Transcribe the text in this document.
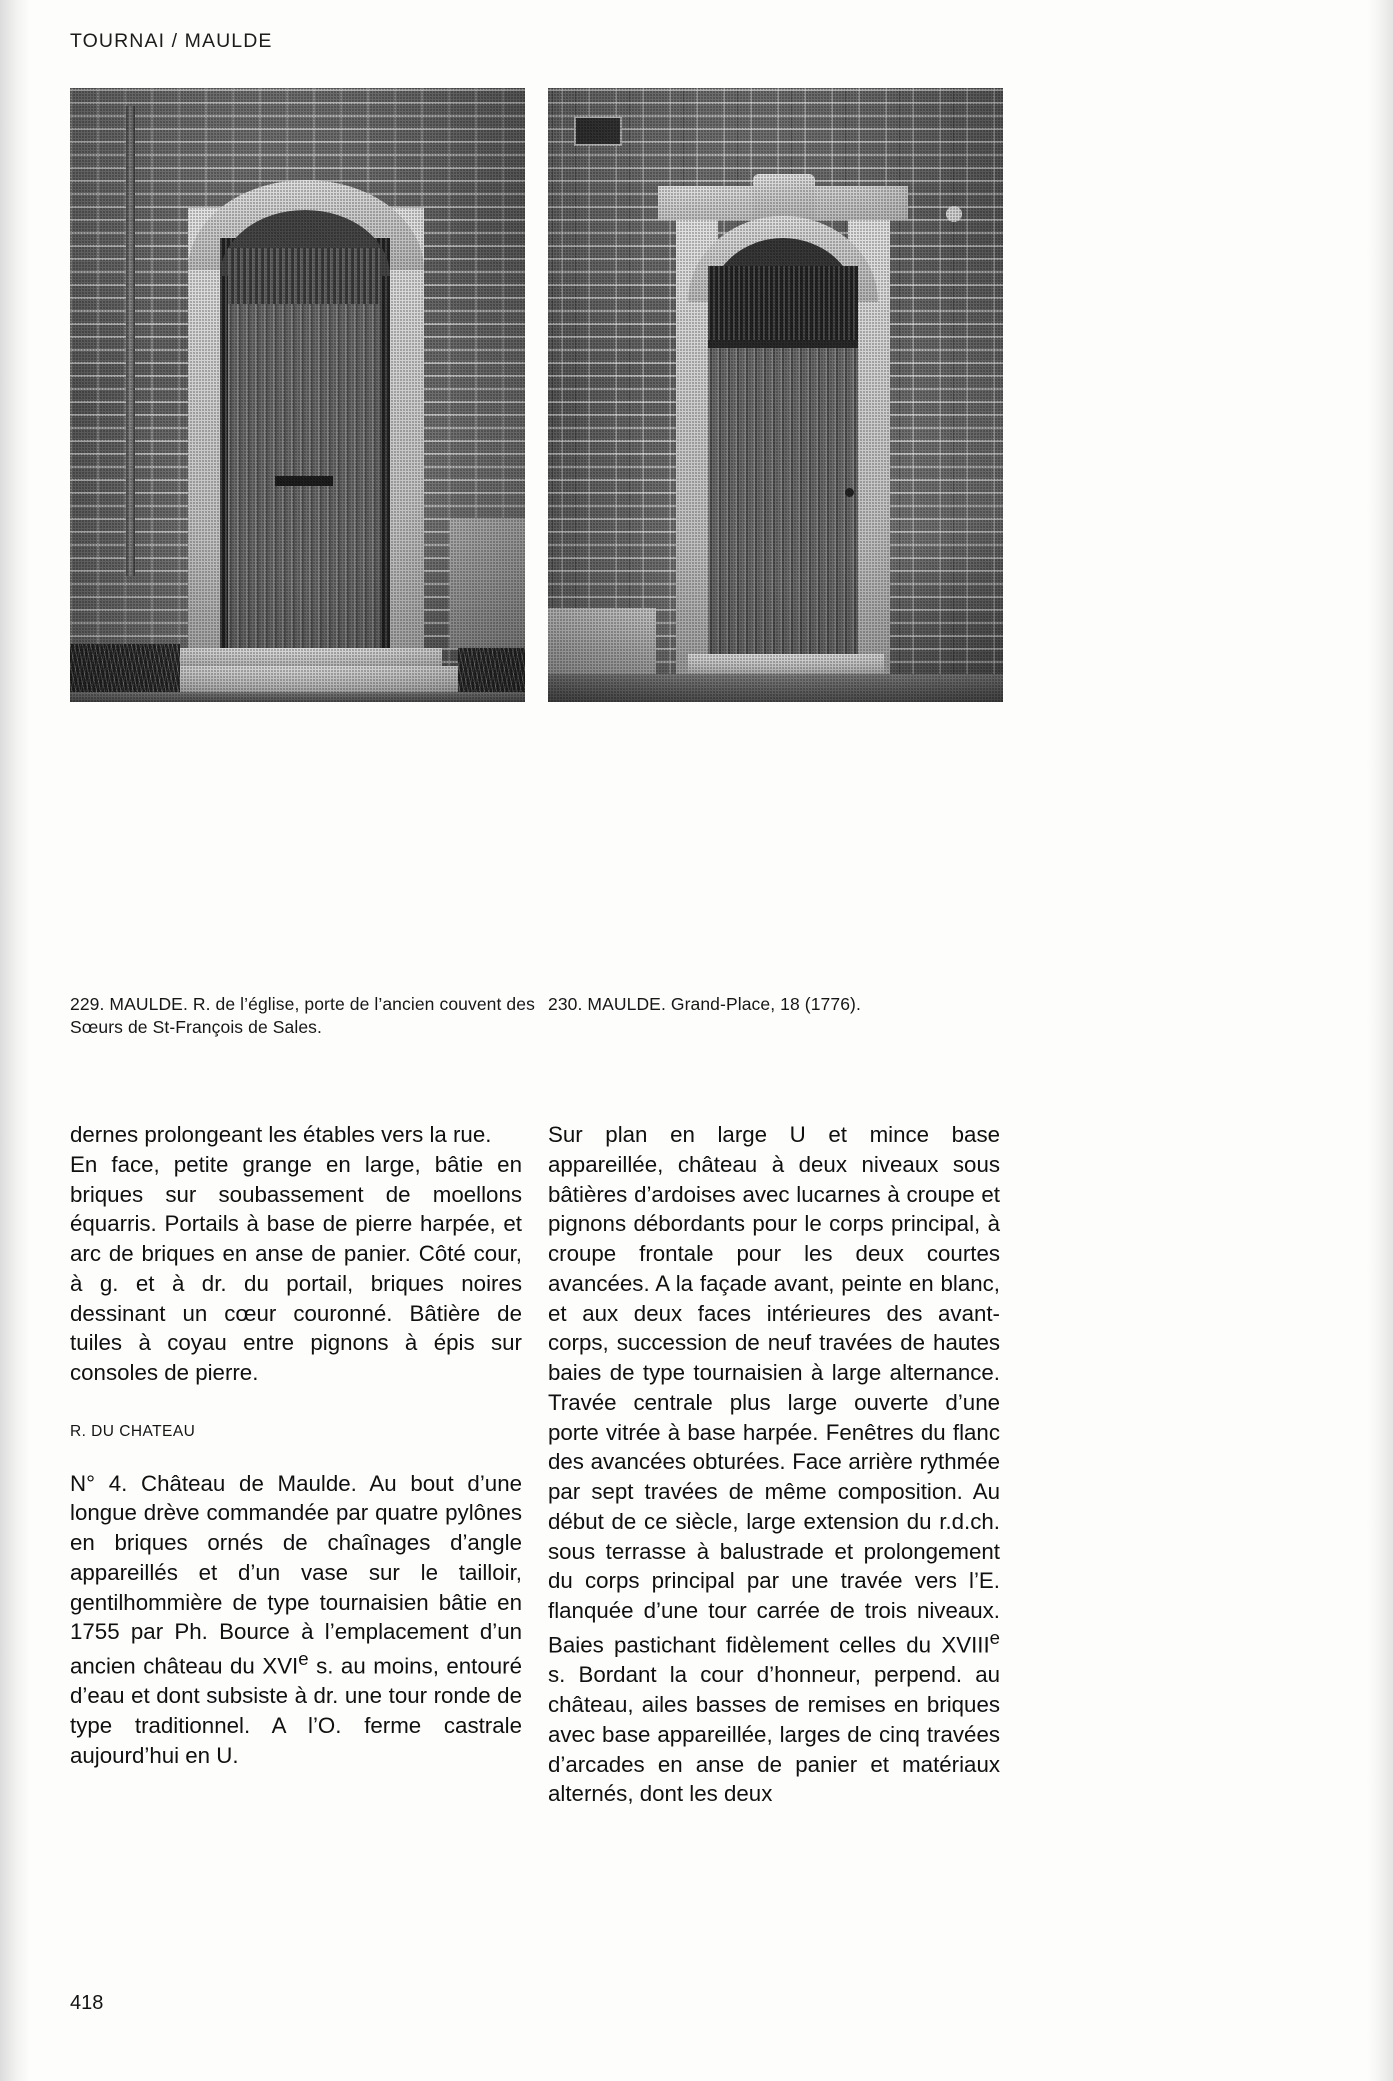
TOURNAI / MAULDE
229. MAULDE. R. de l’église, porte de l’ancien couvent des Sœurs de St-François de Sales.
230. MAULDE. Grand-Place, 18 (1776).

dernes prolongeant les étables vers la rue.

En face, petite grange en large, bâtie en briques sur soubassement de moellons équarris. Portails à base de pierre harpée, et arc de briques en anse de panier. Côté cour, à g. et à dr. du portail, briques noires dessinant un cœur couronné. Bâtière de tuiles à coyau entre pignons à épis sur consoles de pierre.

R. DU CHATEAU

N° 4. Château de Maulde. Au bout d’une longue drève commandée par quatre pylônes en briques ornés de chaînages d’angle appareillés et d’un vase sur le tailloir, gentilhommière de type tournaisien bâtie en 1755 par Ph. Bource à l’emplacement d’un ancien château du XVIe s. au moins, entouré d’eau et dont subsiste à dr. une tour ronde de type traditionnel. A l’O. ferme castrale aujourd’hui en U.

Sur plan en large U et mince base appareillée, château à deux niveaux sous bâtières d’ardoises avec lucarnes à croupe et pignons débordants pour le corps principal, à croupe frontale pour les deux courtes avancées. A la façade avant, peinte en blanc, et aux deux faces intérieures des avant-corps, succession de neuf travées de hautes baies de type tournaisien à large alternance. Travée centrale plus large ouverte d’une porte vitrée à base harpée. Fenêtres du flanc des avancées obturées. Face arrière rythmée par sept travées de même composition. Au début de ce siècle, large extension du r.d.ch. sous terrasse à balustrade et prolongement du corps principal par une travée vers l’E. flanquée d’une tour carrée de trois niveaux. Baies pastichant fidèlement celles du XVIIIe s. Bordant la cour d’honneur, perpend. au château, ailes basses de remises en briques avec base appareillée, larges de cinq travées d’arcades en anse de panier et matériaux alternés, dont les deux

418
